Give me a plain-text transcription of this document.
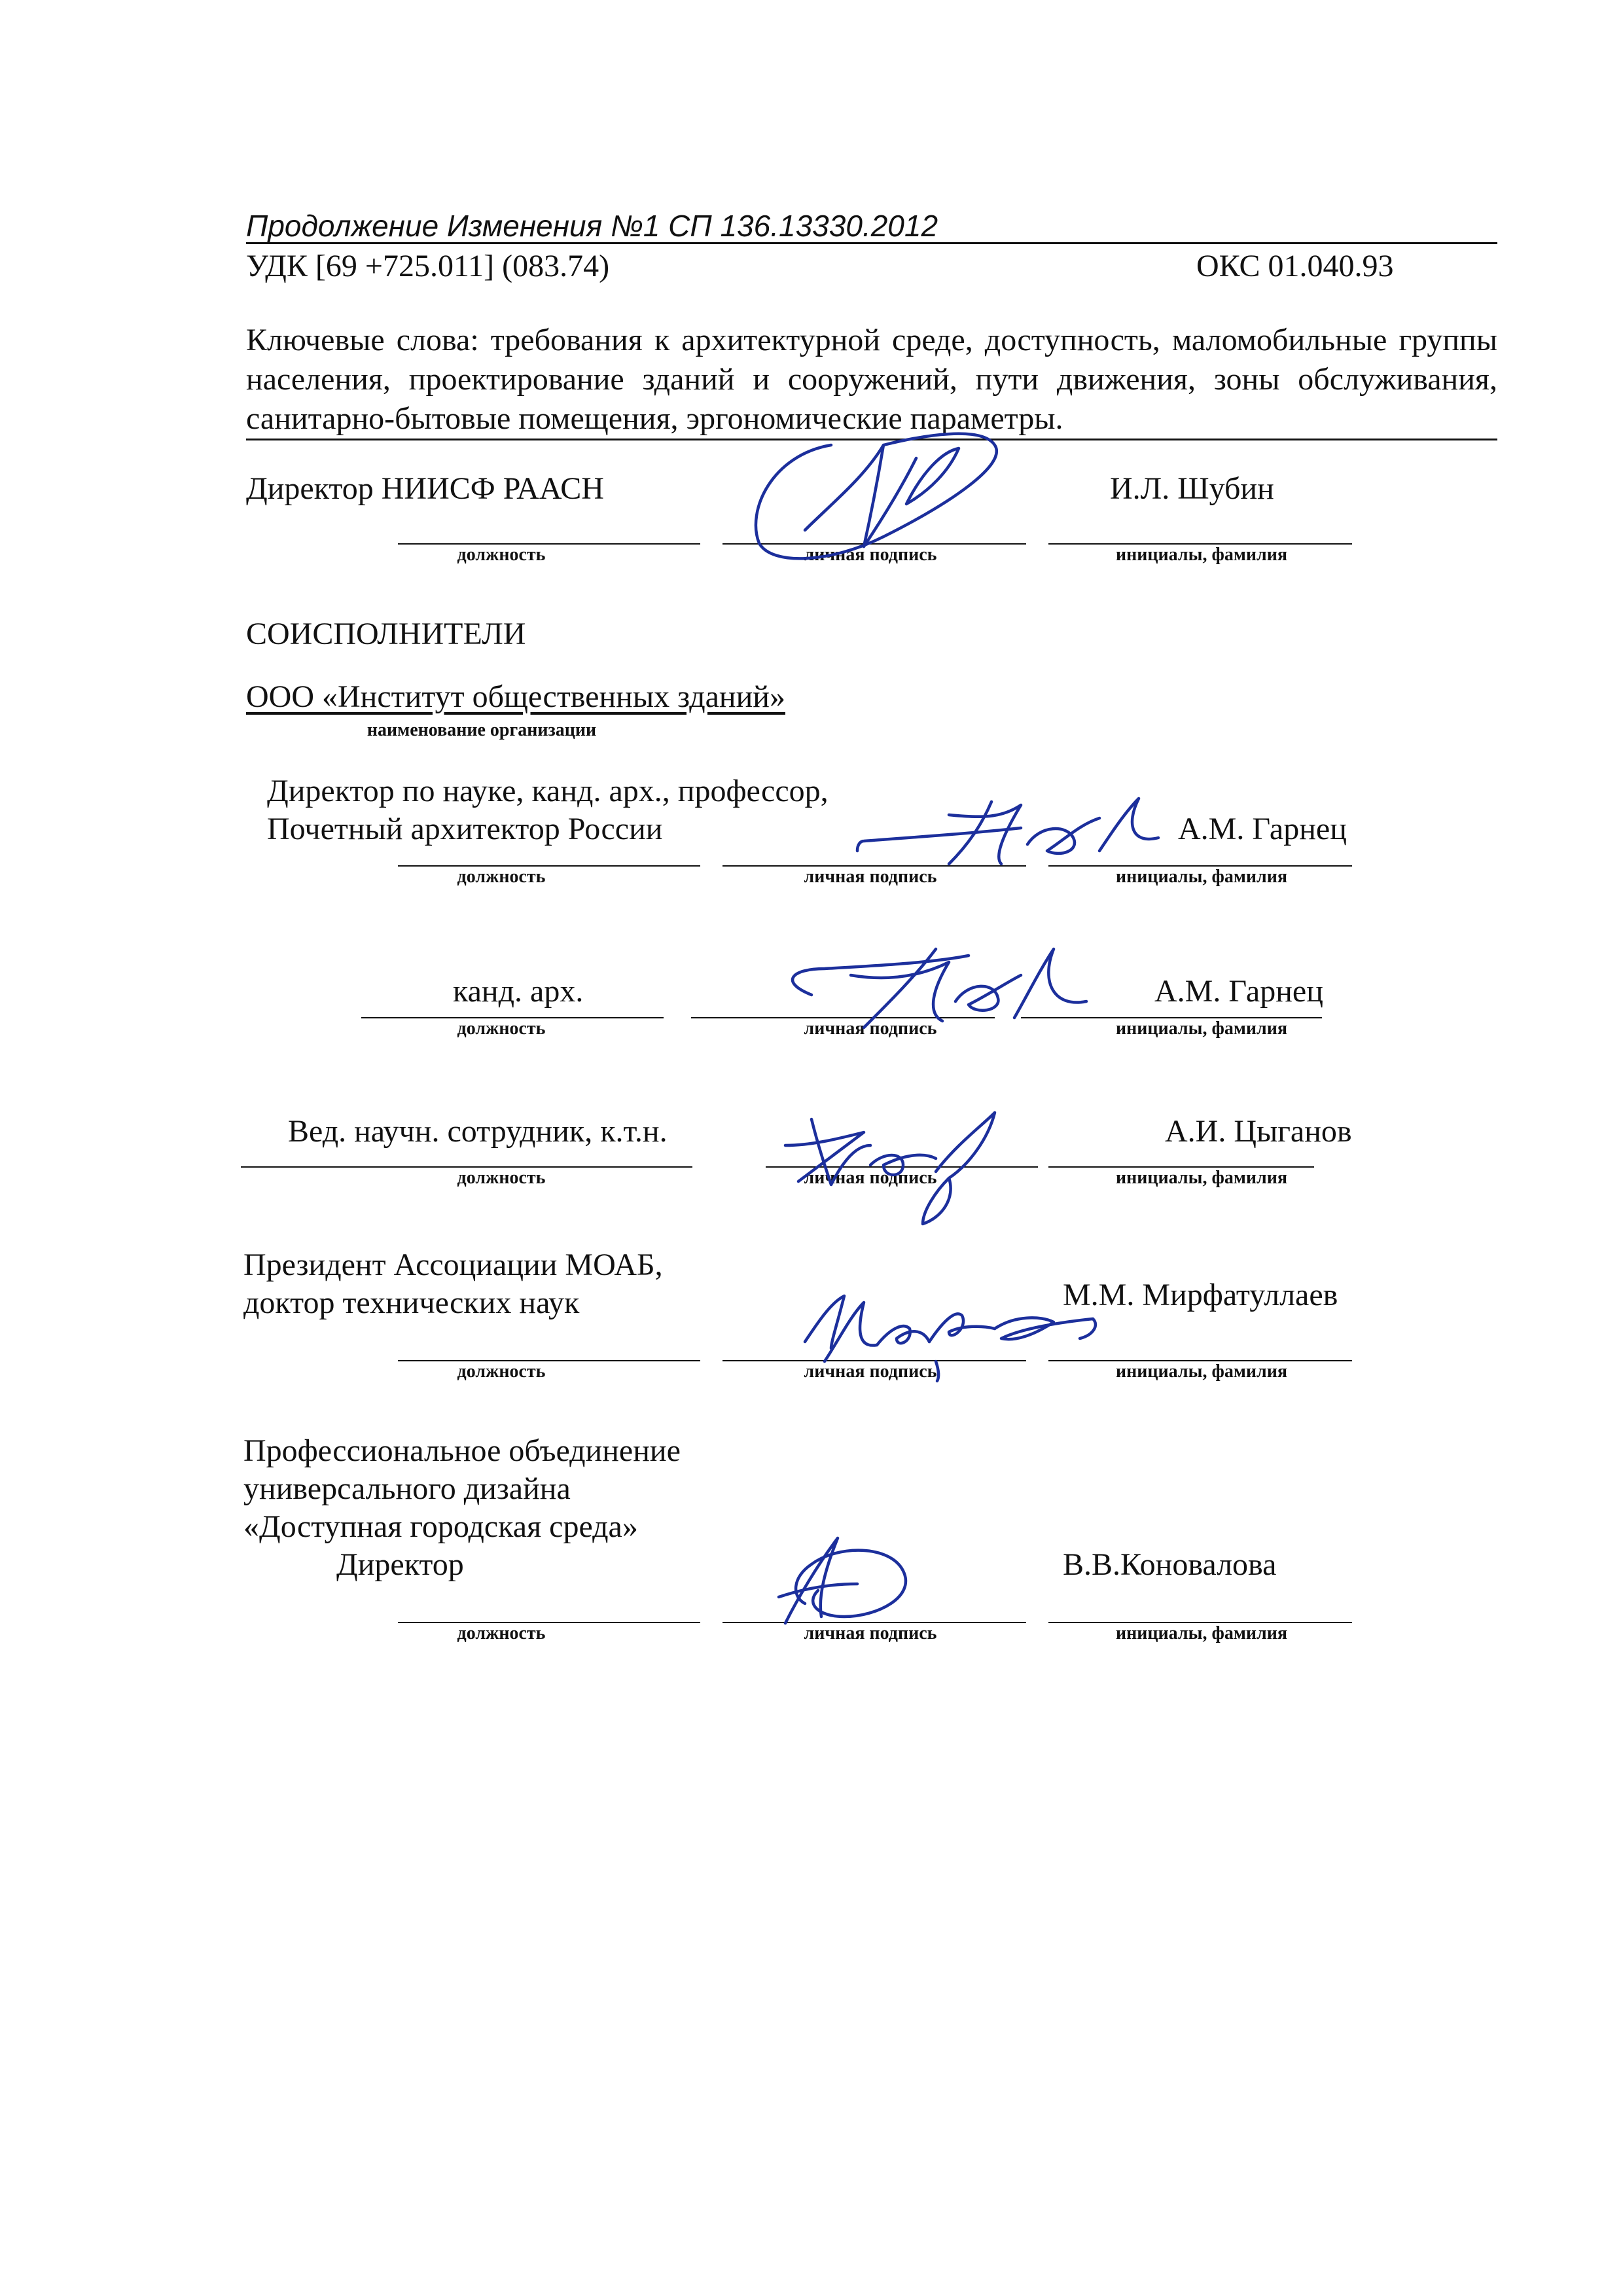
Продолжение Изменения №1 СП 136.13330.2012
УДК [69 +725.011] (083.74)	ОКС 01.040.93
Ключевые слова: требования к архитектурной среде, доступность, маломобильные группы
населения, проектирование зданий и сооружений, пути движения, зоны обслуживания,
санитарно-бытовые помещения, эргономические параметры.
Директор НИИСФ РААСН	И.Л. Шубин
должность	личная подпись	инициалы, фамилия
СОИСПОЛНИТЕЛИ
ООО «Институт общественных зданий»
наименование организации
Директор по науке, канд. арх., профессор,
Почетный архитектор России	А.М. Гарнец
должность	личная подпись	инициалы, фамилия
канд. арх.	А.М. Гарнец
должность	личная подпись	инициалы, фамилия
Вед. научн. сотрудник, к.т.н.	А.И. Цыганов
должность	личная подпись	инициалы, фамилия
Президент Ассоциации МОАБ,
доктор технических наук	М.М. Мирфатуллаев
должность	личная подпись	инициалы, фамилия
Профессиональное объединение
универсального дизайна
«Доступная городская среда»
Директор	В.В.Коновалова
должность	личная подпись	инициалы, фамилия
